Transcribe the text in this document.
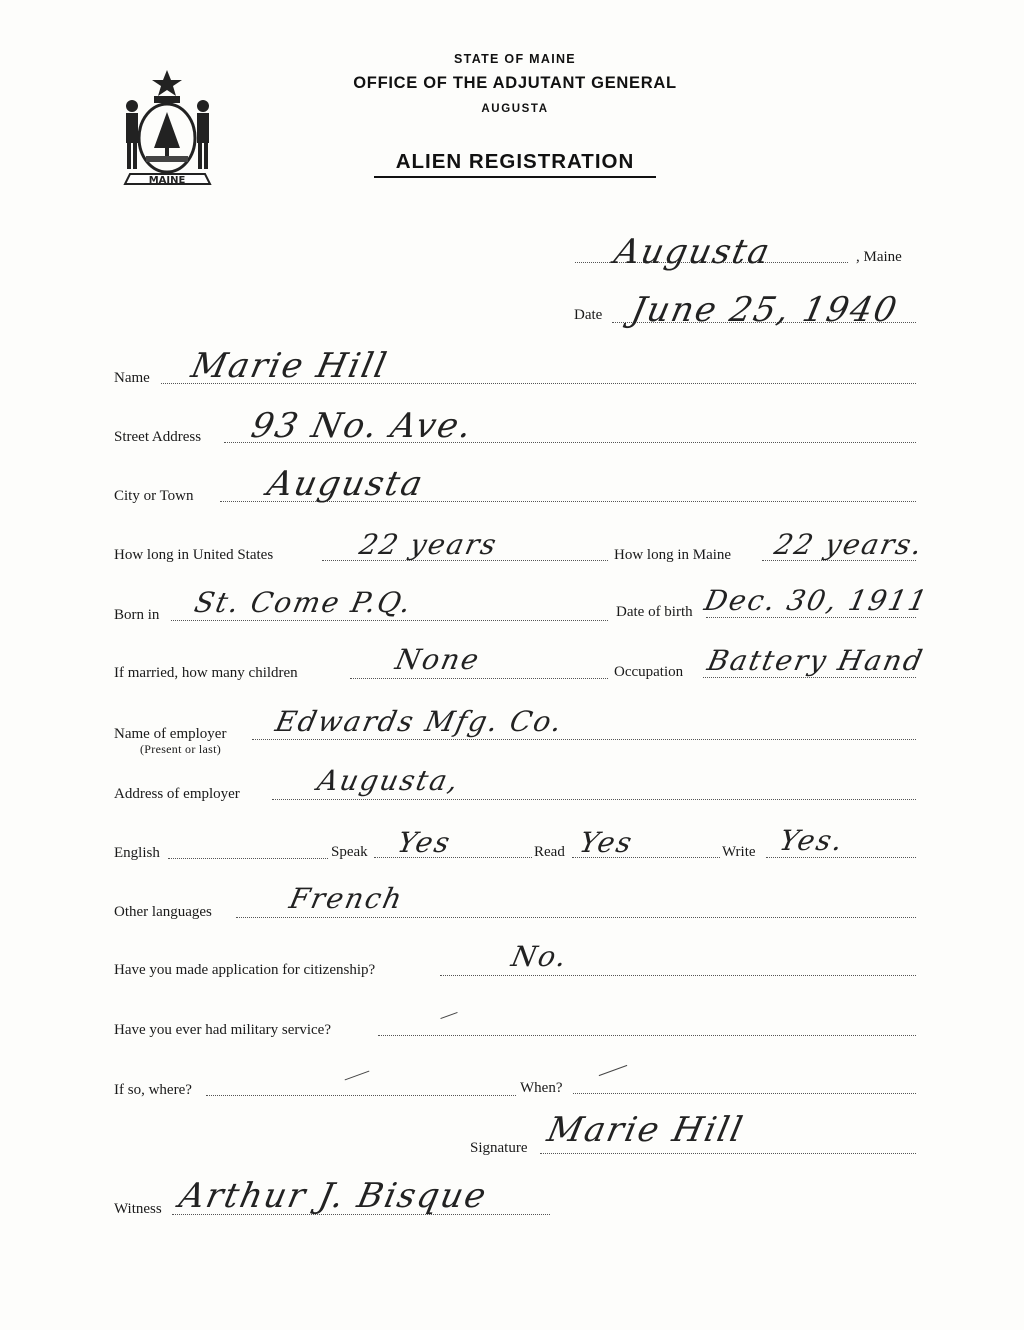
MAINE
STATE OF MAINE
OFFICE OF THE ADJUTANT GENERAL
AUGUSTA
ALIEN REGISTRATION
Augusta	, Maine
Date June 25, 1940
Name Marie Hill
Street Address 93 No. Ave.
City or Town Augusta
How long in United States	22 years	How long in Maine 22 years.
Born in St. Come P.Q.	Date of birth Dec. 30, 1911
If married, how many children	None	Occupation Battery Hand
Name of employer
(Present or last)
Edwards Mfg. Co.
Address of employer	Augusta,
English	Speak Yes	Read Yes	Write Yes.
Other languages	French
Have you made application for citizenship?	No.
Have you ever had military service?
If so, where?	When?
Signature Marie Hill
Witness Arthur J. Bisque
